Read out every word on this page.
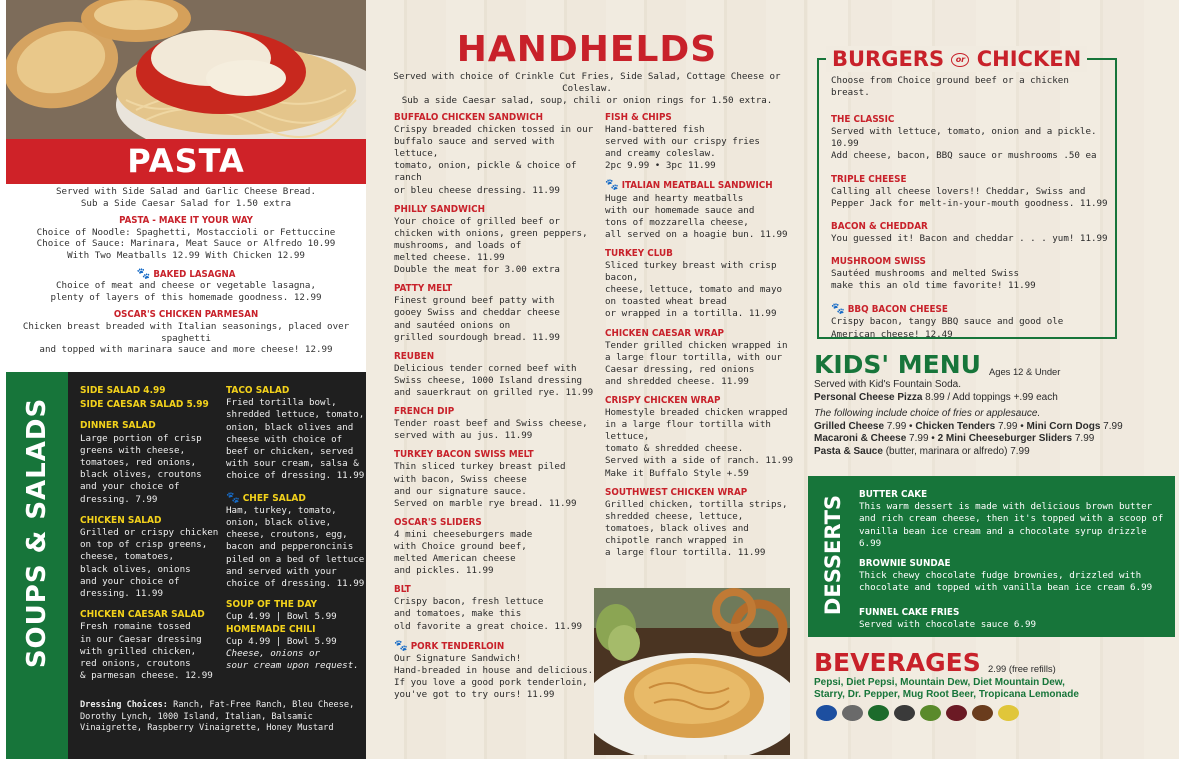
PASTA
Served with Side Salad and Garlic Cheese Bread.
Sub a Side Caesar Salad for 1.50 extra
PASTA - MAKE IT YOUR WAY
Choice of Noodle: Spaghetti, Mostaccioli or Fettuccine
Choice of Sauce: Marinara, Meat Sauce or Alfredo 10.99
With Two Meatballs 12.99 With Chicken 12.99
🐾 BAKED LASAGNA
Choice of meat and cheese or vegetable lasagna,
plenty of layers of this homemade goodness. 12.99
OSCAR'S CHICKEN PARMESAN
Chicken breast breaded with Italian seasonings, placed over spaghetti
and topped with marinara sauce and more cheese! 12.99
SOUPS & SALADS
SIDE SALAD 4.99
SIDE CAESAR SALAD 5.99
DINNER SALAD
Large portion of crisp
greens with cheese,
tomatoes, red onions,
black olives, croutons
and your choice of
dressing. 7.99
CHICKEN SALAD
Grilled or crispy chicken
on top of crisp greens,
cheese, tomatoes,
black olives, onions
and your choice of
dressing. 11.99
CHICKEN CAESAR SALAD
Fresh romaine tossed
in our Caesar dressing
with grilled chicken,
red onions, croutons
& parmesan cheese. 12.99
TACO SALAD
Fried tortilla bowl,
shredded lettuce, tomato,
onion, black olives and
cheese with choice of
beef or chicken, served
with sour cream, salsa &
choice of dressing. 11.99
🐾 CHEF SALAD
Ham, turkey, tomato,
onion, black olive,
cheese, croutons, egg,
bacon and pepperoncinis
piled on a bed of lettuce
and served with your
choice of dressing. 11.99
SOUP OF THE DAY
Cup 4.99 | Bowl 5.99
HOMEMADE CHILI
Cup 4.99 | Bowl 5.99
Cheese, onions or
sour cream upon request.
Dressing Choices: Ranch, Fat-Free Ranch, Bleu Cheese, Dorothy Lynch, 1000 Island, Italian, Balsamic Vinaigrette, Raspberry Vinaigrette, Honey Mustard
HANDHELDS
Served with choice of Crinkle Cut Fries, Side Salad, Cottage Cheese or Coleslaw.
Sub a side Caesar salad, soup, chili or onion rings for 1.50 extra.
BUFFALO CHICKEN SANDWICH
Crispy breaded chicken tossed in our
buffalo sauce and served with lettuce,
tomato, onion, pickle & choice of ranch
or bleu cheese dressing. 11.99
PHILLY SANDWICH
Your choice of grilled beef or
chicken with onions, green peppers,
mushrooms, and loads of
melted cheese. 11.99
Double the meat for 3.00 extra
PATTY MELT
Finest ground beef patty with
gooey Swiss and cheddar cheese
and sautéed onions on
grilled sourdough bread. 11.99
REUBEN
Delicious tender corned beef with
Swiss cheese, 1000 Island dressing
and sauerkraut on grilled rye. 11.99
FRENCH DIP
Tender roast beef and Swiss cheese,
served with au jus. 11.99
TURKEY BACON SWISS MELT
Thin sliced turkey breast piled
with bacon, Swiss cheese
and our signature sauce.
Served on marble rye bread. 11.99
OSCAR'S SLIDERS
4 mini cheeseburgers made
with Choice ground beef,
melted American cheese
and pickles. 11.99
BLT
Crispy bacon, fresh lettuce
and tomatoes, make this
old favorite a great choice. 11.99
🐾 PORK TENDERLOIN
Our Signature Sandwich!
Hand-breaded in house and delicious.
If you love a good pork tenderloin,
you've got to try ours! 11.99
FISH & CHIPS
Hand-battered fish
served with our crispy fries
and creamy coleslaw.
2pc 9.99 • 3pc 11.99
🐾 ITALIAN MEATBALL SANDWICH
Huge and hearty meatballs
with our homemade sauce and
tons of mozzarella cheese,
all served on a hoagie bun. 11.99
TURKEY CLUB
Sliced turkey breast with crisp bacon,
cheese, lettuce, tomato and mayo
on toasted wheat bread
or wrapped in a tortilla. 11.99
CHICKEN CAESAR WRAP
Tender grilled chicken wrapped in
a large flour tortilla, with our
Caesar dressing, red onions
and shredded cheese. 11.99
CRISPY CHICKEN WRAP
Homestyle breaded chicken wrapped
in a large flour tortilla with lettuce,
tomato & shredded cheese.
Served with a side of ranch. 11.99
Make it Buffalo Style +.59
SOUTHWEST CHICKEN WRAP
Grilled chicken, tortilla strips,
shredded cheese, lettuce,
tomatoes, black olives and
chipotle ranch wrapped in
a large flour tortilla. 11.99
BURGERS or CHICKEN
Choose from Choice ground beef or a chicken breast.
THE CLASSIC
Served with lettuce, tomato, onion and a pickle. 10.99
Add cheese, bacon, BBQ sauce or mushrooms .50 ea
TRIPLE CHEESE
Calling all cheese lovers!! Cheddar, Swiss and
Pepper Jack for melt-in-your-mouth goodness. 11.99
BACON & CHEDDAR
You guessed it! Bacon and cheddar . . . yum! 11.99
MUSHROOM SWISS
Sautéed mushrooms and melted Swiss
make this an old time favorite! 11.99
🐾 BBQ BACON CHEESE
Crispy bacon, tangy BBQ sauce and good ole
American cheese! 12.49
KIDS' MENU Ages 12 & Under
Served with Kid's Fountain Soda.
Personal Cheese Pizza 8.99 / Add toppings +.99 each
The following include choice of fries or applesauce.
Grilled Cheese 7.99 • Chicken Tenders 7.99 • Mini Corn Dogs 7.99
Macaroni & Cheese 7.99 • 2 Mini Cheeseburger Sliders 7.99
Pasta & Sauce (butter, marinara or alfredo) 7.99
DESSERTS
BUTTER CAKE
This warm dessert is made with delicious brown butter
and rich cream cheese, then it's topped with a scoop of
vanilla bean ice cream and a chocolate syrup drizzle 6.99
BROWNIE SUNDAE
Thick chewy chocolate fudge brownies, drizzled with
chocolate and topped with vanilla bean ice cream 6.99
FUNNEL CAKE FRIES
Served with chocolate sauce 6.99
BEVERAGES 2.99 (free refills)
Pepsi, Diet Pepsi, Mountain Dew, Diet Mountain Dew,
Starry, Dr. Pepper, Mug Root Beer, Tropicana Lemonade
